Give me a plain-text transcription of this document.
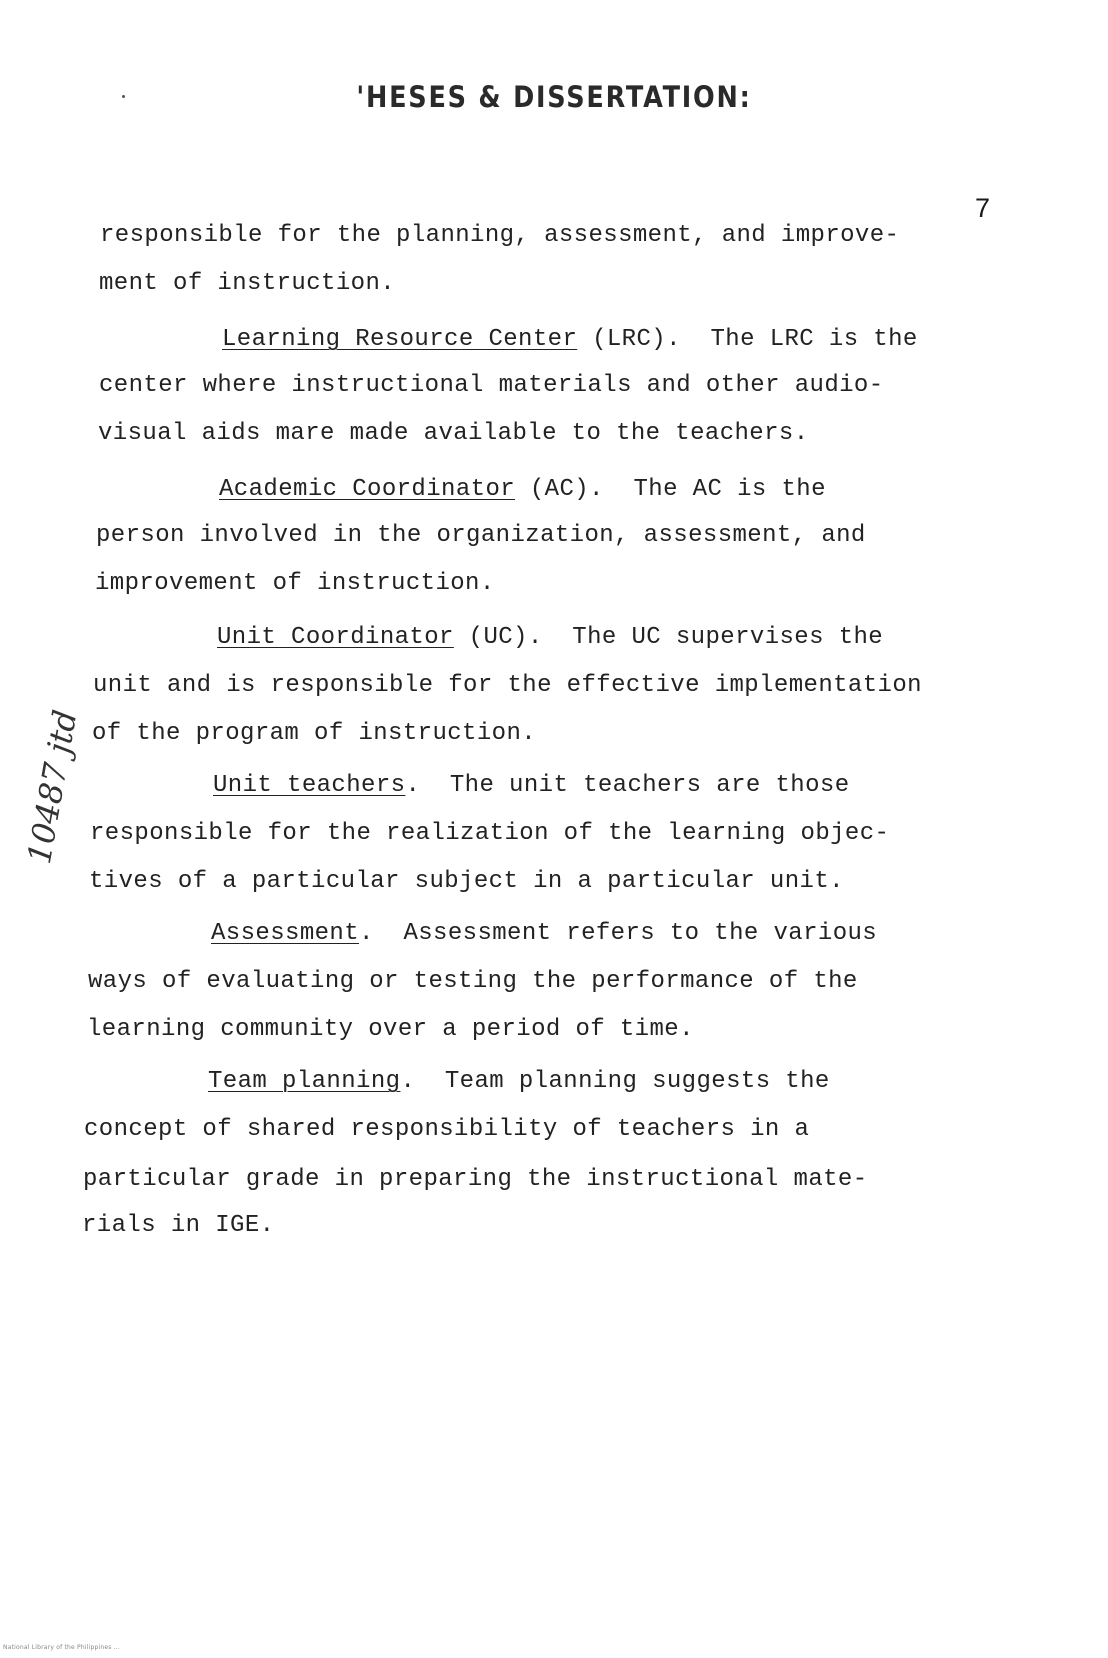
'HESES & DISSERTATION:
7
responsible for the planning, assessment, and improve-
ment of instruction.
Learning Resource Center (LRC).  The LRC is the
center where instructional materials and other audio-
visual aids mare made available to the teachers.
Academic Coordinator (AC).  The AC is the
person involved in the organization, assessment, and
improvement of instruction.
Unit Coordinator (UC).  The UC supervises the
unit and is responsible for the effective implementation
of the program of instruction.
Unit teachers.  The unit teachers are those
responsible for the realization of the learning objec-
tives of a particular subject in a particular unit.
Assessment.  Assessment refers to the various
ways of evaluating or testing the performance of the
learning community over a period of time.
Team planning.  Team planning suggests the
concept of shared responsibility of teachers in a
particular grade in preparing the instructional mate-
rials in IGE.
10487 jtd
National Library of the Philippines ...
